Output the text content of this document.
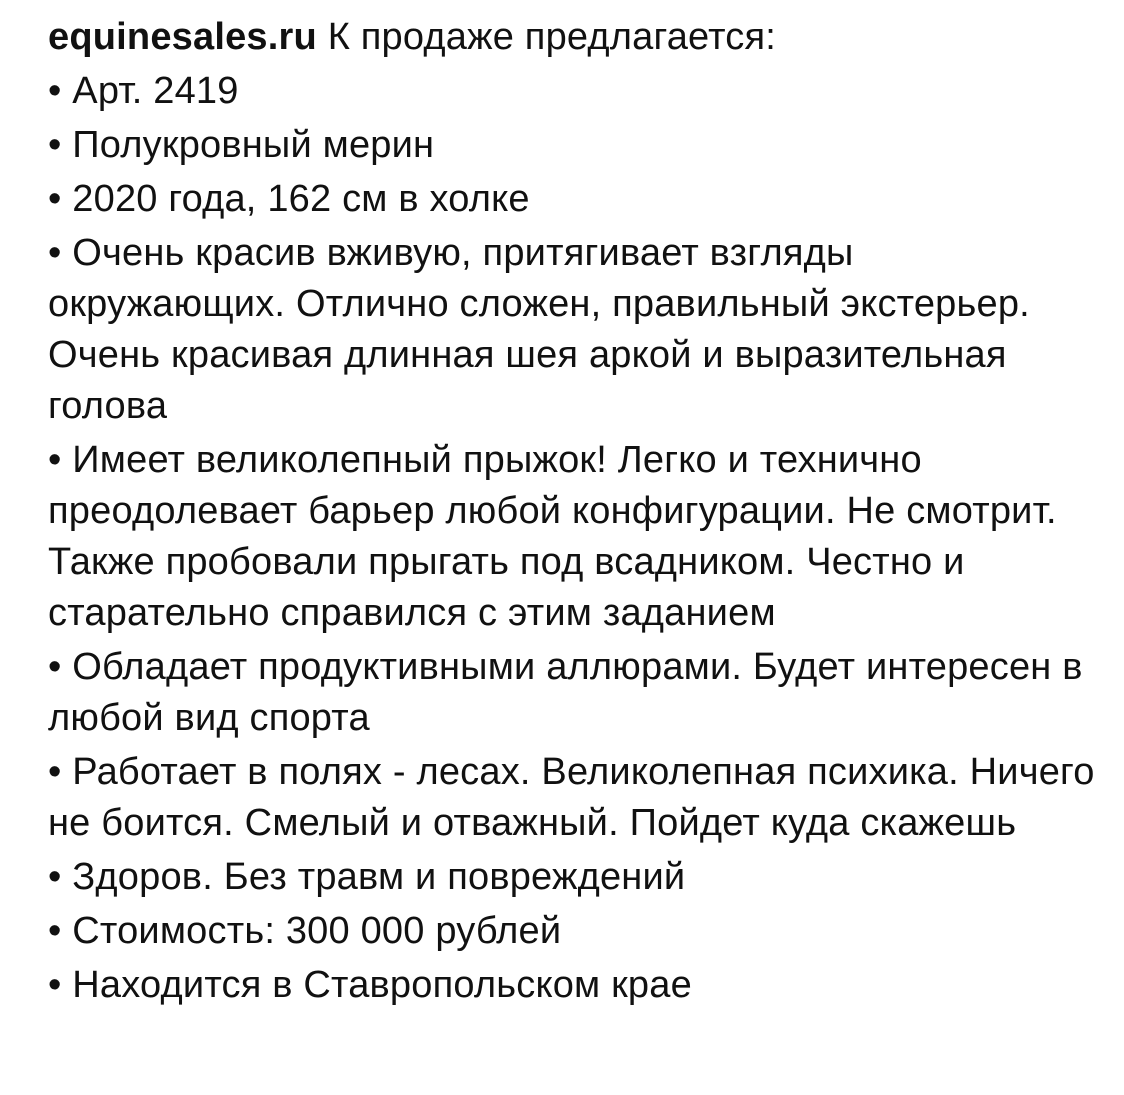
equinesales.ru К продаже предлагается:
• Арт. 2419
• Полукровный мерин
• 2020 года, 162 см в холке
• Очень красив вживую, притягивает взгляды окружающих. Отлично сложен, правильный экстерьер. Очень красивая длинная шея аркой и выразительная голова
• Имеет великолепный прыжок! Легко и технично преодолевает барьер любой конфигурации. Не смотрит. Также пробовали прыгать под всадником. Честно и старательно справился с этим заданием
• Обладает продуктивными аллюрами. Будет интересен в любой вид спорта
• Работает в полях - лесах. Великолепная психика. Ничего не боится. Смелый и отважный. Пойдет куда скажешь
• Здоров. Без травм и повреждений
• Стоимость: 300 000 рублей
• Находится в Ставропольском крае
